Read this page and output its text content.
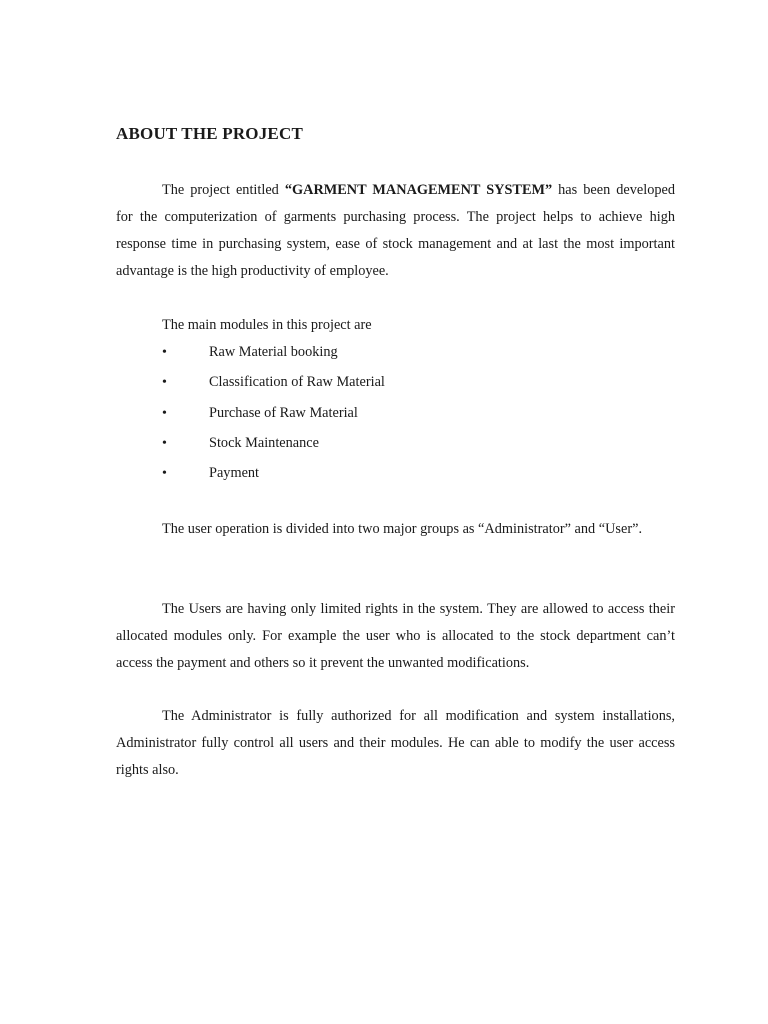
ABOUT THE PROJECT

The project entitled “GARMENT MANAGEMENT SYSTEM” has been developed for the computerization of garments purchasing process. The project helps to achieve high response time in purchasing system, ease of stock management and at last the most important advantage is the high productivity of employee.

The main modules in this project are

•	Raw Material booking
•	Classification of Raw Material
•	Purchase of Raw Material
•	Stock Maintenance
•	Payment

The user operation is divided into two major groups as “Administrator” and “User”.

The Users are having only limited rights in the system. They are allowed to access their allocated modules only. For example the user who is allocated to the stock department can’t access the payment and others so it prevent the unwanted modifications.

The Administrator is fully authorized for all modification and system installations, Administrator fully control all users and their modules. He can able to modify the user access rights also.
